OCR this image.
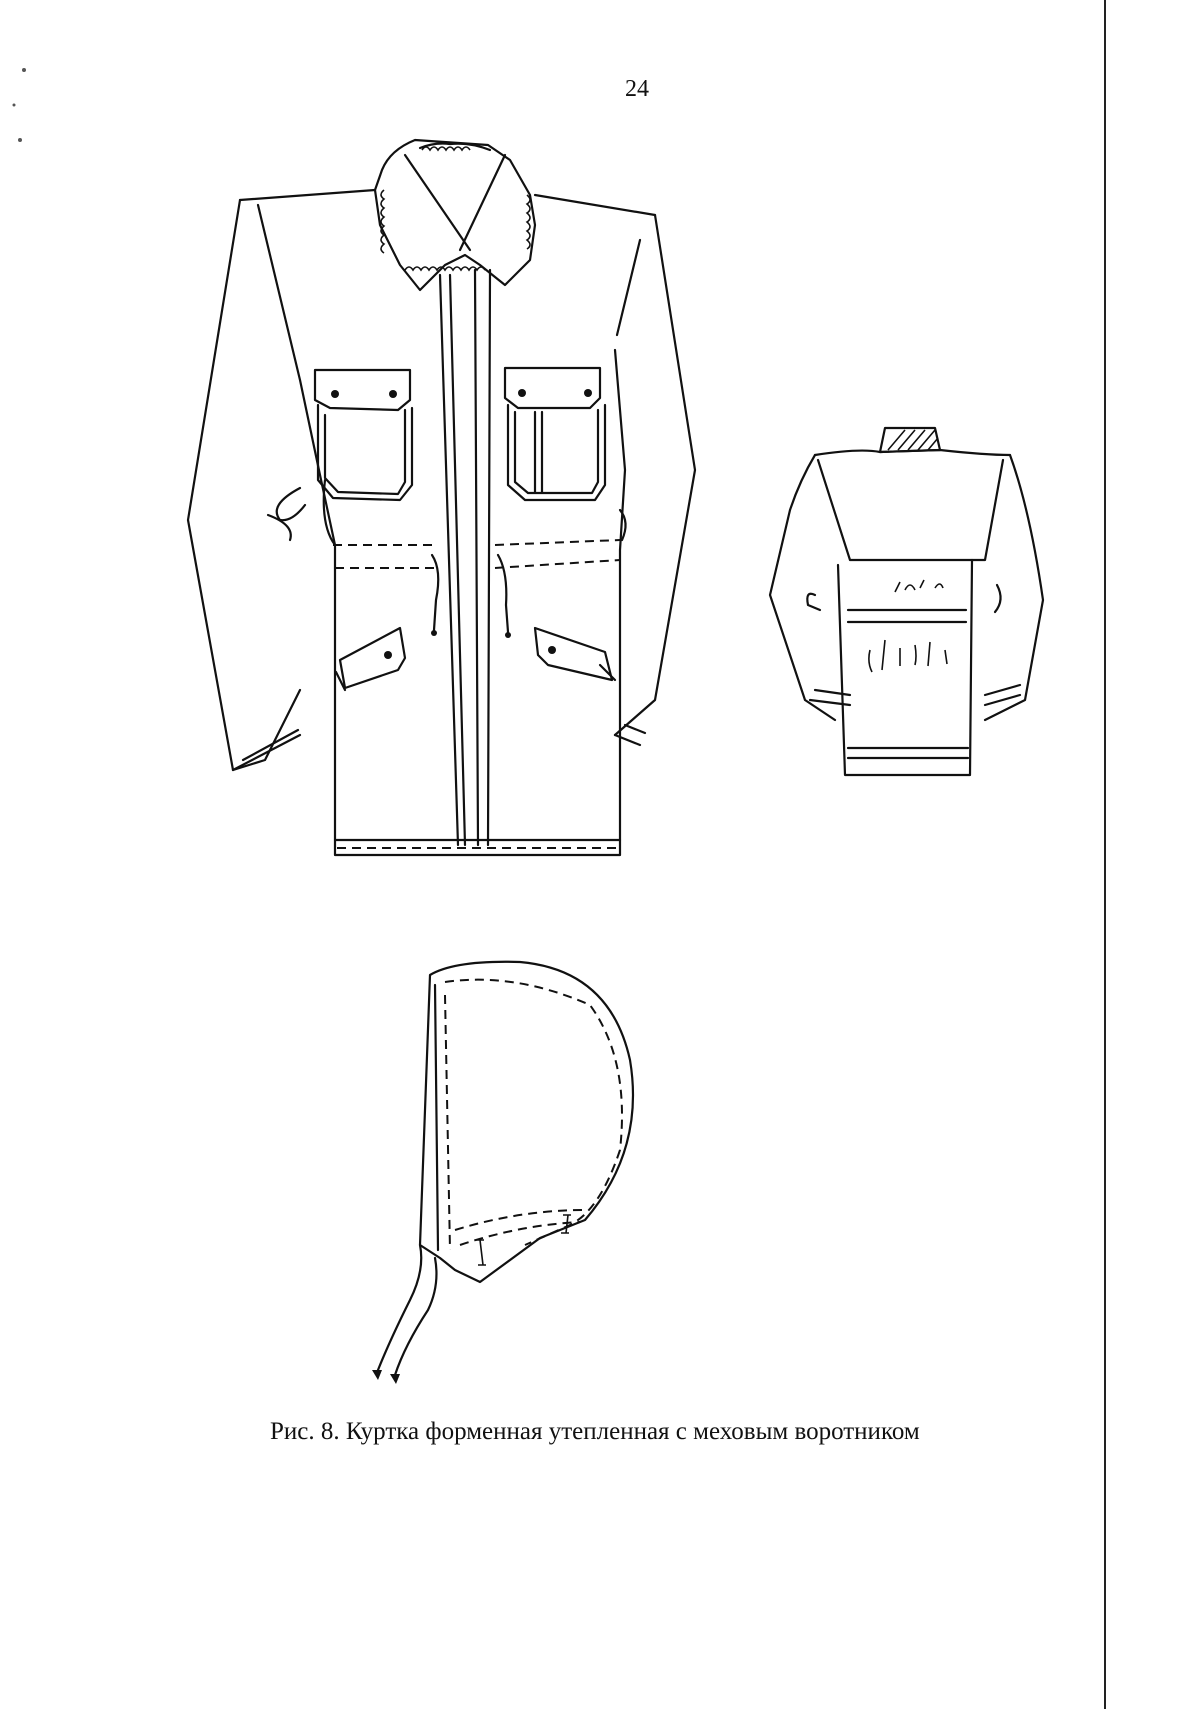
24
Рис. 8. Куртка форменная утепленная с меховым воротником
